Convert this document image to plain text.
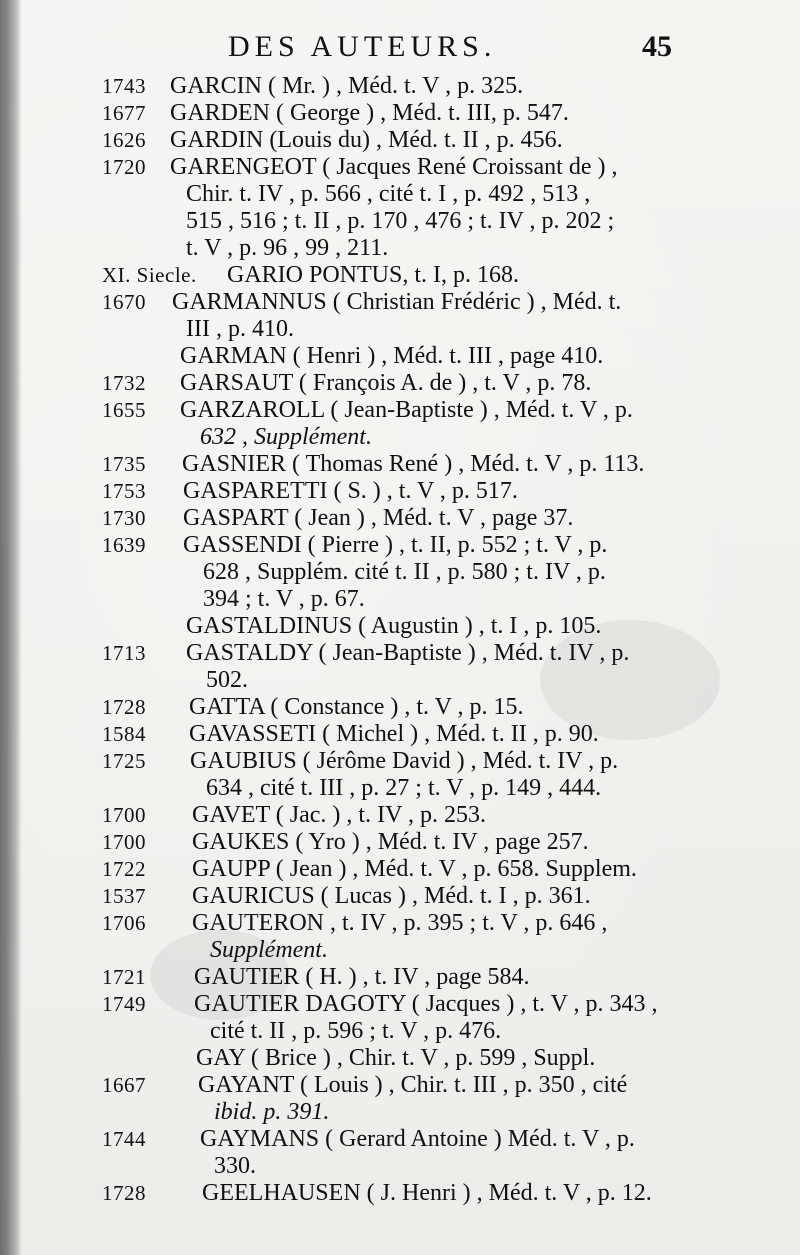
DES AUTEURS.	45
1743 GARCIN ( Mr. ) , Méd. t. V , p. 325.
1677 GARDEN ( George ) , Méd. t. III, p. 547.
1626 GARDIN (Louis du) , Méd. t. II , p. 456.
1720 GARENGEOT ( Jacques René Croissant de ) ,
Chir. t. IV , p. 566 , cité t. I , p. 492 , 513 ,
515 , 516 ; t. II , p. 170 , 476 ; t. IV , p. 202 ;
t. V , p. 96 , 99 , 211.
XI. Siecle. GARIO PONTUS, t. I, p. 168.
1670 GARMANNUS ( Christian Frédéric ) , Méd. t.
III , p. 410.
GARMAN ( Henri ) , Méd. t. III , page 410.
1732 GARSAUT ( François A. de ) , t. V , p. 78.
1655 GARZAROLL ( Jean-Baptiste ) , Méd. t. V , p.
632 , Supplément.
1735 GASNIER ( Thomas René ) , Méd. t. V , p. 113.
1753 GASPARETTI ( S. ) , t. V , p. 517.
1730 GASPART ( Jean ) , Méd. t. V , page 37.
1639 GASSENDI ( Pierre ) , t. II, p. 552 ; t. V , p.
628 , Supplém. cité t. II , p. 580 ; t. IV , p.
394 ; t. V , p. 67.
GASTALDINUS ( Augustin ) , t. I , p. 105.
1713 GASTALDY ( Jean-Baptiste ) , Méd. t. IV , p.
502.
1728 GATTA ( Constance ) , t. V , p. 15.
1584 GAVASSETI ( Michel ) , Méd. t. II , p. 90.
1725 GAUBIUS ( Jérôme David ) , Méd. t. IV , p.
634 , cité t. III , p. 27 ; t. V , p. 149 , 444.
1700 GAVET ( Jac. ) , t. IV , p. 253.
1700 GAUKES ( Yro ) , Méd. t. IV , page 257.
1722 GAUPP ( Jean ) , Méd. t. V , p. 658. Supplem.
1537 GAURICUS ( Lucas ) , Méd. t. I , p. 361.
1706 GAUTERON , t. IV , p. 395 ; t. V , p. 646 ,
Supplément.
1721 GAUTIER ( H. ) , t. IV , page 584.
1749 GAUTIER DAGOTY ( Jacques ) , t. V , p. 343 ,
cité t. II , p. 596 ; t. V , p. 476.
GAY ( Brice ) , Chir. t. V , p. 599 , Suppl.
1667 GAYANT ( Louis ) , Chir. t. III , p. 350 , cité
ibid. p. 391.
1744 GAYMANS ( Gerard Antoine ) Méd. t. V , p.
330.
1728 GEELHAUSEN ( J. Henri ) , Méd. t. V , p. 12.
